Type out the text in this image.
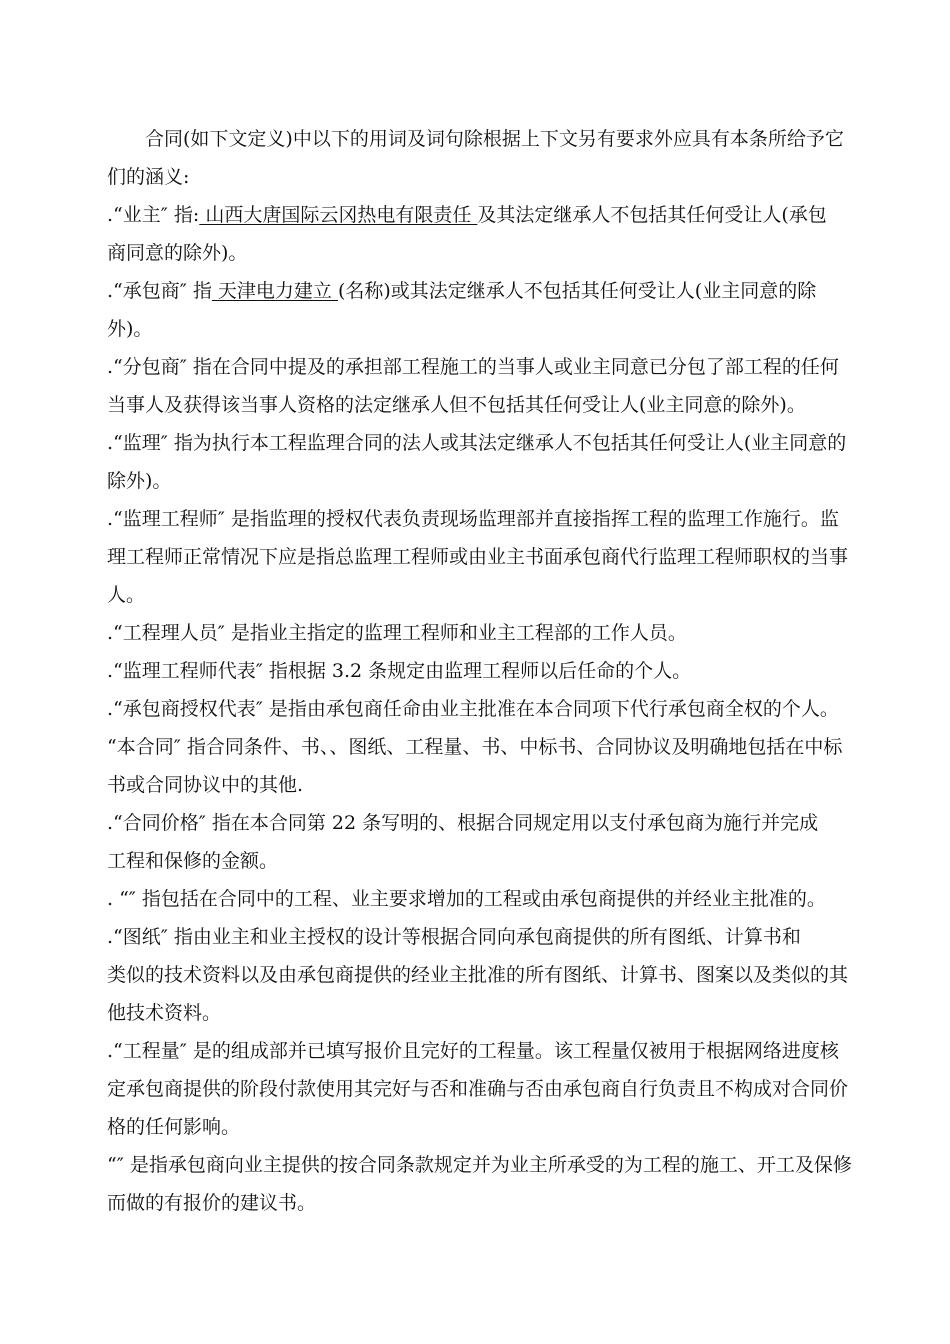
合同(如下文定义)中以下的用词及词句除根据上下文另有要求外应具有本条所给予它
们的涵义:
.“业主″ 指: 山西大唐国际云冈热电有限责任 及其法定继承人不包括其任何受让人(承包
商同意的除外)。
.“承包商″ 指 天津电力建立 (名称)或其法定继承人不包括其任何受让人(业主同意的除
外)。
.“分包商″ 指在合同中提及的承担部工程施工的当事人或业主同意已分包了部工程的任何
当事人及获得该当事人资格的法定继承人但不包括其任何受让人(业主同意的除外)。
.“监理″ 指为执行本工程监理合同的法人或其法定继承人不包括其任何受让人(业主同意的
除外)。
.“监理工程师″ 是指监理的授权代表负责现场监理部并直接指挥工程的监理工作施行。监
理工程师正常情况下应是指总监理工程师或由业主书面承包商代行监理工程师职权的当事
人。
.“工程理人员″ 是指业主指定的监理工程师和业主工程部的工作人员。
.“监理工程师代表″ 指根据 3.2 条规定由监理工程师以后任命的个人。
.“承包商授权代表″ 是指由承包商任命由业主批准在本合同项下代行承包商全权的个人。
“本合同″ 指合同条件、书、、图纸、工程量、书、中标书、合同协议及明确地包括在中标
书或合同协议中的其他.
.“合同价格″ 指在本合同第 22 条写明的、根据合同规定用以支付承包商为施行并完成
工程和保修的金额。
. “″ 指包括在合同中的工程、业主要求增加的工程或由承包商提供的并经业主批准的。
.“图纸″ 指由业主和业主授权的设计等根据合同向承包商提供的所有图纸、计算书和
类似的技术资料以及由承包商提供的经业主批准的所有图纸、计算书、图案以及类似的其
他技术资料。
.“工程量″ 是的组成部并已填写报价且完好的工程量。该工程量仅被用于根据网络进度核
定承包商提供的阶段付款使用其完好与否和准确与否由承包商自行负责且不构成对合同价
格的任何影响。
“″ 是指承包商向业主提供的按合同条款规定并为业主所承受的为工程的施工、开工及保修
而做的有报价的建议书。
